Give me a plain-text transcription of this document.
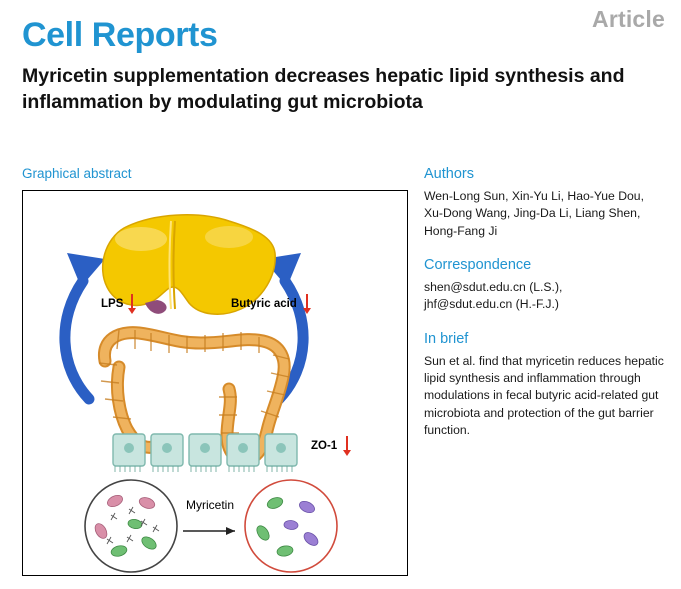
Article
Cell Reports
Myricetin supplementation decreases hepatic lipid synthesis and inflammation by modulating gut microbiota
Graphical abstract
LPS	Butyric acid
ZO-1
Myricetin
Authors

Wen-Long Sun, Xin-Yu Li, Hao-Yue Dou, Xu-Dong Wang, Jing-Da Li, Liang Shen, Hong-Fang Ji

Correspondence

shen@sdut.edu.cn (L.S.),

jhf@sdut.edu.cn (H.-F.J.)

In brief

Sun et al. find that myricetin reduces hepatic lipid synthesis and inflammation through modulations in fecal butyric acid-related gut microbiota and protection of the gut barrier function.
